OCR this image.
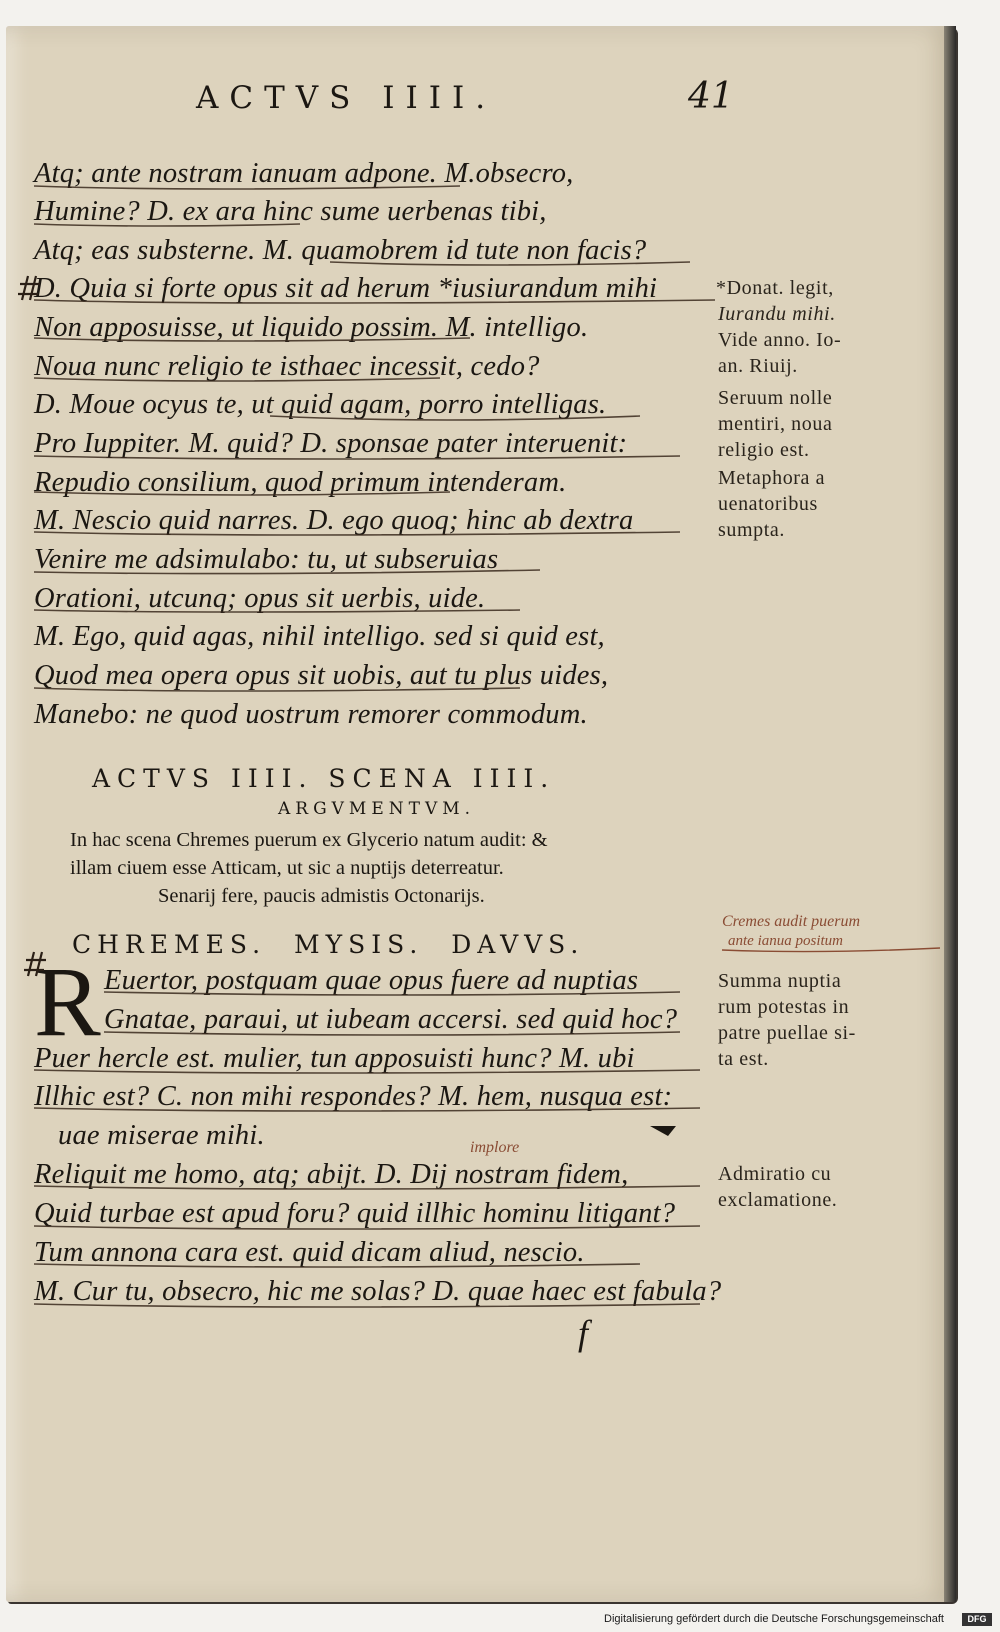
ACTVS IIII.	41
Atq; ante nostram ianuam adpone. M.obsecro,
Humine? D. ex ara hinc sume uerbenas tibi,
Atq; eas substerne. M. quamobrem id tute non facis?
D. Quia si forte opus sit ad herum *iusiurandum mihi
Non apposuisse, ut liquido possim. M. intelligo.
Noua nunc religio te isthaec incessit, cedo?
D. Moue ocyus te, ut quid agam, porro intelligas.
Pro Iuppiter. M. quid? D. sponsae pater interuenit:
Repudio consilium, quod primum intenderam.
M. Nescio quid narres. D. ego quoq; hinc ab dextra
Venire me adsimulabo: tu, ut subseruias
Orationi, utcunq; opus sit uerbis, uide.
M. Ego, quid agas, nihil intelligo. sed si quid est,
Quod mea opera opus sit uobis, aut tu plus uides,
Manebo: ne quod uostrum remorer commodum.
*Donat. legit,
Iurandu mihi.
Vide anno. Io-
an. Riuij.
Seruum nolle
mentiri, noua
religio est.
Metaphora a
uenatoribus
sumpta.
ACTVS IIII. SCENA IIII.
ARGVMENTVM.
In hac scena Chremes puerum ex Glycerio natum audit: &
illam ciuem esse Atticam, ut sic a nuptijs deterreatur.
Senarij fere, paucis admistis Octonarijs.
CHREMES. MYSIS. DAVVS.
R Euertor, postquam quae opus fuere ad nuptias
Gnatae, paraui, ut iubeam accersi. sed quid hoc?
Puer hercle est. mulier, tun apposuisti hunc? M. ubi
Illhic est? C. non mihi respondes? M. hem, nusqua est:
uae miserae mihi.
Reliquit me homo, atq; abijt. D. Dij nostram fidem,
Quid turbae est apud foru? quid illhic hominu litigant?
Tum annona cara est. quid dicam aliud, nescio.
M. Cur tu, obsecro, hic me solas? D. quae haec est fabula?
Summa nuptia
rum potestas in
patre puellae si-
ta est.
Admiratio cu
exclamatione.
f
Cremes audit puerum
ante ianua positum
implore
Digitalisierung gefördert durch die Deutsche Forschungsgemeinschaft	DFG
